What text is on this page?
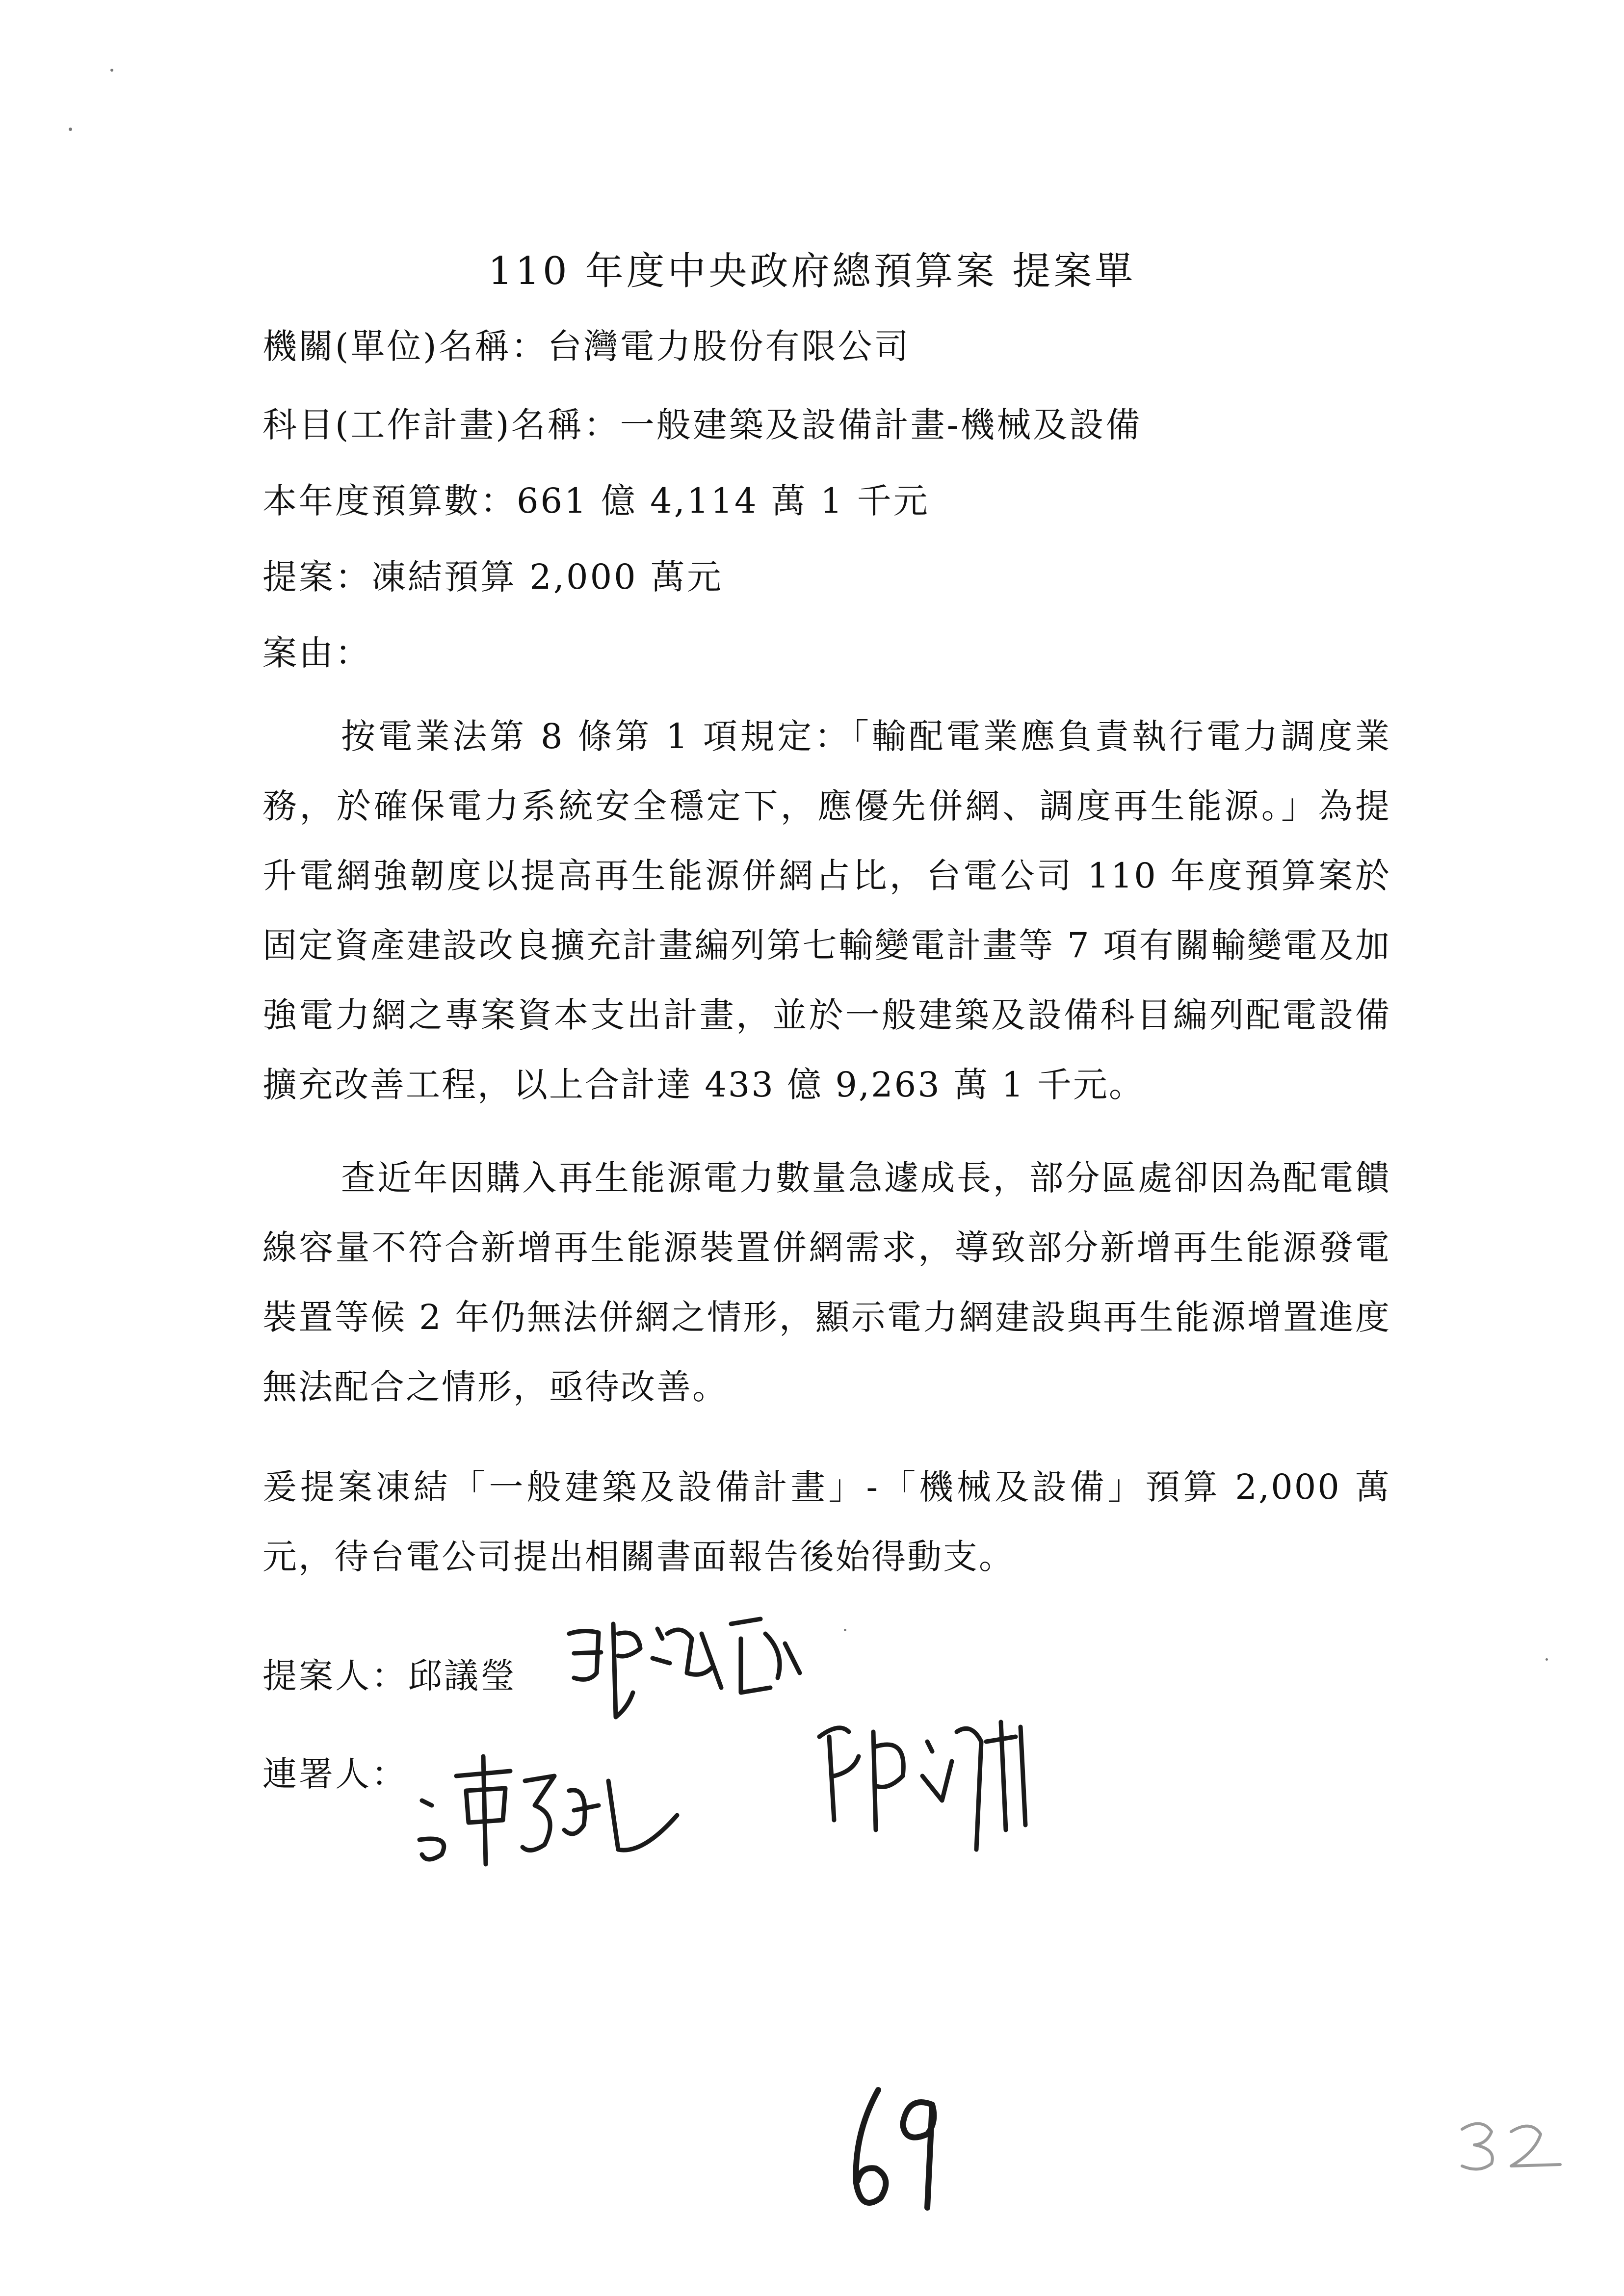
110 年度中央政府總預算案 提案單
機關(單位)名稱：台灣電力股份有限公司
科目(工作計畫)名稱：一般建築及設備計畫-機械及設備
本年度預算數：661 億 4,114 萬 1 千元
提案：凍結預算 2,000 萬元
案由：
按電業法第 8 條第 1 項規定：「輸配電業應負責執行電力調度業務，於確保電力系統安全穩定下，應優先併網、調度再生能源。」為提升電網強韌度以提高再生能源併網占比，台電公司 110 年度預算案於固定資產建設改良擴充計畫編列第七輸變電計畫等 7 項有關輸變電及加強電力網之專案資本支出計畫，並於一般建築及設備科目編列配電設備擴充改善工程，以上合計達 433 億 9,263 萬 1 千元。
查近年因購入再生能源電力數量急遽成長，部分區處卻因為配電饋線容量不符合新增再生能源裝置併網需求，導致部分新增再生能源發電裝置等候 2 年仍無法併網之情形，顯示電力網建設與再生能源增置進度無法配合之情形，亟待改善。
爰提案凍結「一般建築及設備計畫」-「機械及設備」預算 2,000 萬元，待台電公司提出相關書面報告後始得動支。
提案人：邱議瑩
連署人：
